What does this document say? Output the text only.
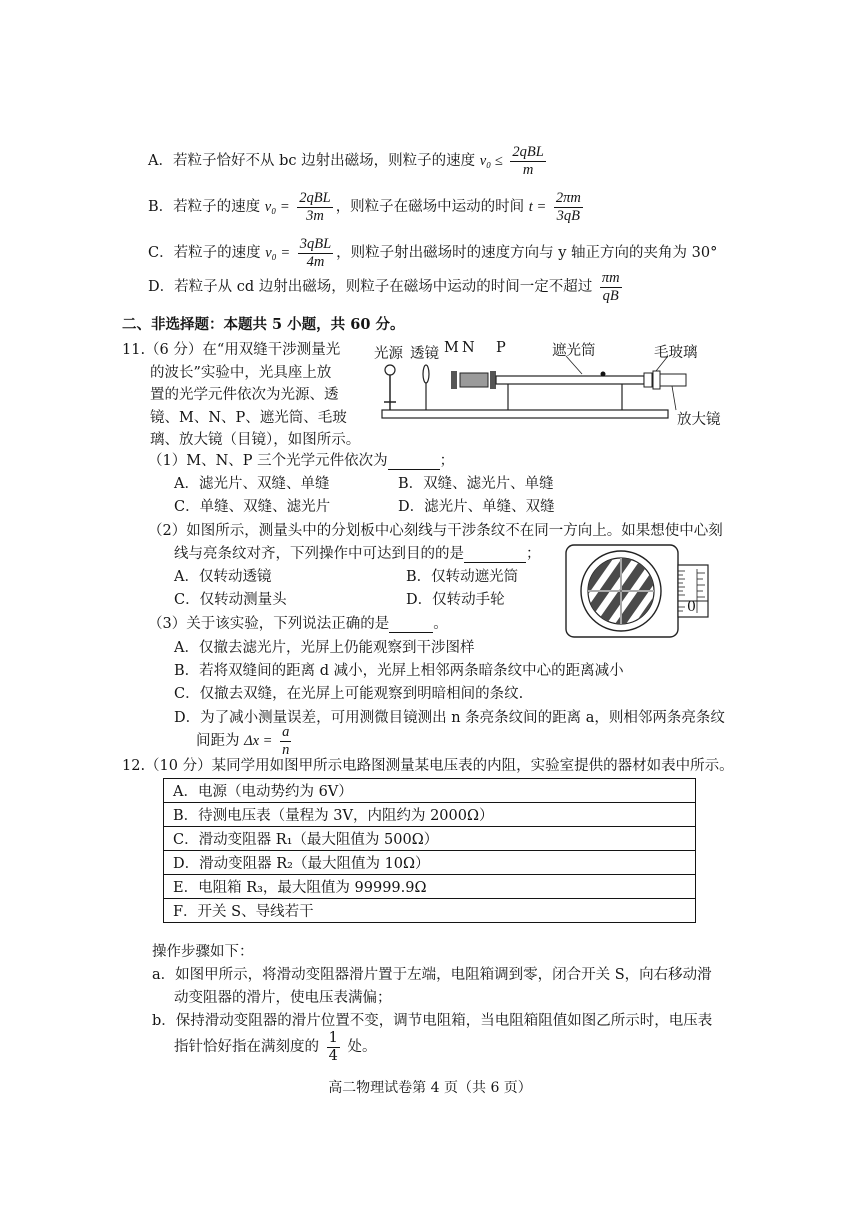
A．若粒子恰好不从 bc 边射出磁场，则粒子的速度 $v_0 \le \frac{\text{2qBL}}{m}$
B．若粒子的速度 $v_0 = \frac{\text{2qBL}}{3m}$ ，则粒子在磁场中运动的时间 $t = \frac{2\pi m}{3qB}$
C．若粒子的速度 $v_0 = \frac{\text{3qBL}}{4m}$ ，则粒子射出磁场时的速度方向与 y 轴正方向的夹角为 30°
D．若粒子从 cd 边射出磁场，则粒子在磁场中运动的时间一定不超过 $\frac{\pi m}{qB}$
二、非选择题：本题共 5 小题，共 60 分。
11.（6 分）在“用双缝干涉测量光
的波长”实验中，光具座上放
置的光学元件依次为光源、透
镜、M、N、P、遮光筒、毛玻
璃、放大镜（目镜），如图所示。
光源 透镜 M N P	遮光筒	毛玻璃
放大镜
（1）M、N、P 三个光学元件依次为	；
A．滤光片、双缝、单缝	B．双缝、滤光片、单缝
C．单缝、双缝、滤光片	D．滤光片、单缝、双缝
（2）如图所示，测量头中的分划板中心刻线与干涉条纹不在同一方向上。如果想使中心刻
线与亮条纹对齐，下列操作中可达到目的的是	；
A．仅转动透镜	B．仅转动遮光筒
C．仅转动测量头	D．仅转动手轮	0
（3）关于该实验，下列说法正确的是	。
A．仅撤去滤光片，光屏上仍能观察到干涉图样
B．若将双缝间的距离 d 减小，光屏上相邻两条暗条纹中心的距离减小
C．仅撤去双缝，在光屏上可能观察到明暗相间的条纹.
D．为了减小测量误差，可用测微目镜测出 n 条亮条纹间的距离 a，则相邻两条亮条纹
间距为 $\Delta x = \frac{a}{n}$
12.（10 分）某同学用如图甲所示电路图测量某电压表的内阻，实验室提供的器材如表中所示。
A．电源（电动势约为 6V）
B．待测电压表（量程为 3V，内阻约为 2000Ω）
C．滑动变阻器 R₁（最大阻值为 500Ω）
D．滑动变阻器 R₂（最大阻值为 10Ω）
E．电阻箱 R₃，最大阻值为 99999.9Ω
F．开关 S、导线若干
操作步骤如下：
a．如图甲所示，将滑动变阻器滑片置于左端，电阻箱调到零，闭合开关 S，向右移动滑
动变阻器的滑片，使电压表满偏；
b．保持滑动变阻器的滑片位置不变，调节电阻箱，当电阻箱阻值如图乙所示时，电压表
指针恰好指在满刻度的 $\frac{1}{4}$ 处。
高二物理试卷第 4 页（共 6 页）
